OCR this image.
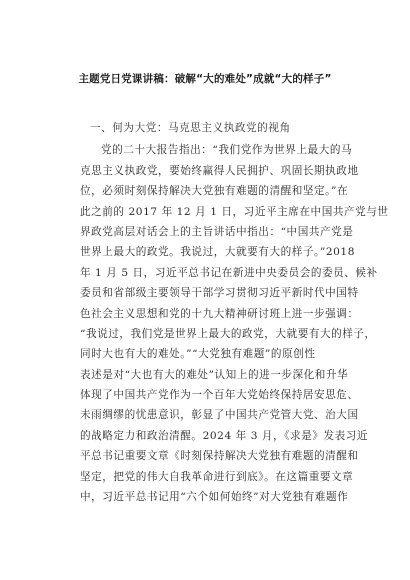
主题党日党课讲稿：破解“大的难处”成就“大的样子”
一、何为大党：马克思主义执政党的视角
党的二十大报告指出：“我们党作为世界上最大的马
克思主义执政党，要始终赢得人民拥护、巩固长期执政地
位，必须时刻保持解决大党独有难题的清醒和坚定。”在
此之前的 2017 年 12 月 1 日，习近平主席在中国共产党与世
界政党高层对话会上的主旨讲话中指出：“中国共产党是
世界上最大的政党。我说过，大就要有大的样子。”2018
年 1 月 5 日，习近平总书记在新进中央委员会的委员、候补
委员和省部级主要领导干部学习贯彻习近平新时代中国特
色社会主义思想和党的十九大精神研讨班上进一步强调：
“我说过，我们党是世界上最大的政党，大就要有大的样子，
同时大也有大的难处。”“大党独有难题”的原创性
表述是对“大也有大的难处”认知上的进一步深化和升华
体现了中国共产党作为一个百年大党始终保持居安思危、
未雨绸缪的忧患意识，彰显了中国共产党管大党、治大国
的战略定力和政治清醒。2024 年 3 月，《求是》发表习近
平总书记重要文章《时刻保持解决大党独有难题的清醒和
坚定，把党的伟大自我革命进行到底》。在这篇重要文章
中，习近平总书记用“六个如何始终”对大党独有难题作
